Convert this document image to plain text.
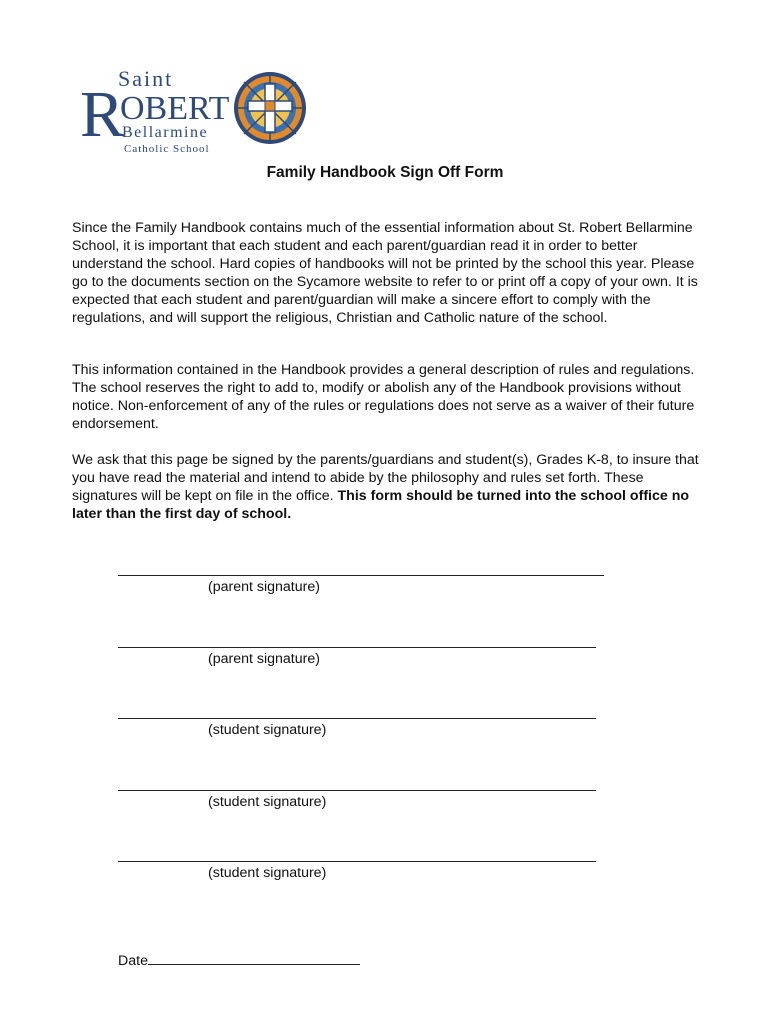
Saint
R
OBERT
Bellarmine
Catholic School
Family Handbook Sign Off Form

Since the Family Handbook contains much of the essential information about St. Robert Bellarmine School, it is important that each student and each parent/guardian read it in order to better understand the school. Hard copies of handbooks will not be printed by the school this year. Please go to the documents section on the Sycamore website to refer to or print off a copy of your own. It is expected that each student and parent/guardian will make a sincere effort to comply with the regulations, and will support the religious, Christian and Catholic nature of the school.

This information contained in the Handbook provides a general description of rules and regulations. The school reserves the right to add to, modify or abolish any of the Handbook provisions without notice. Non-enforcement of any of the rules or regulations does not serve as a waiver of their future endorsement.

We ask that this page be signed by the parents/guardians and student(s), Grades K-8, to insure that you have read the material and intend to abide by the philosophy and rules set forth. These signatures will be kept on file in the office. This form should be turned into the school office no later than the first day of school.

(parent signature)
(parent signature)
(student signature)
(student signature)
(student signature)
Date
